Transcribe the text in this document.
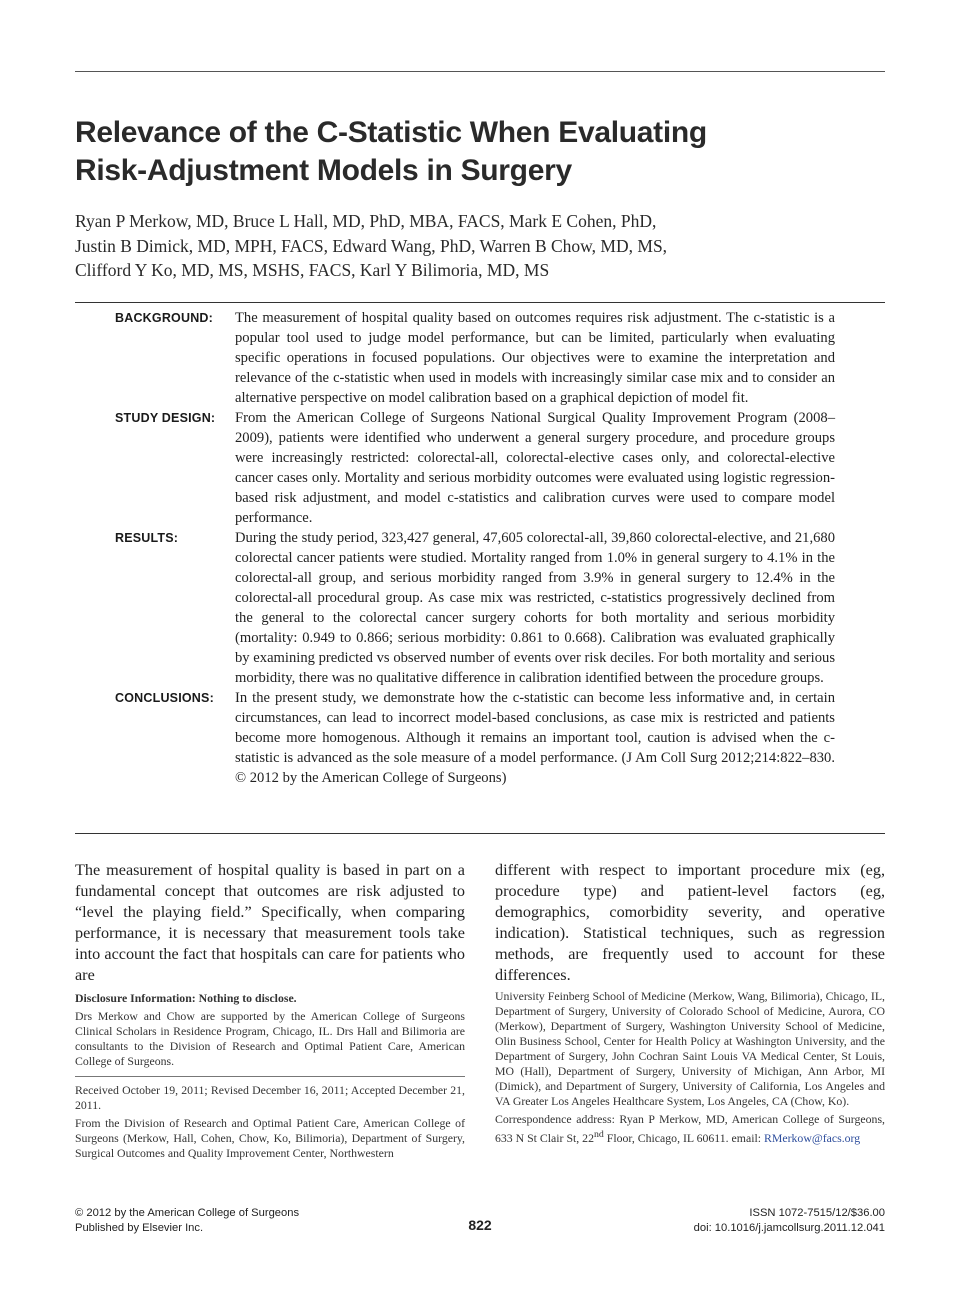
Relevance of the C-Statistic When Evaluating
Risk-Adjustment Models in Surgery
Ryan P Merkow, MD, Bruce L Hall, MD, PhD, MBA, FACS, Mark E Cohen, PhD,
Justin B Dimick, MD, MPH, FACS, Edward Wang, PhD, Warren B Chow, MD, MS,
Clifford Y Ko, MD, MS, MSHS, FACS, Karl Y Bilimoria, MD, MS
BACKGROUND: The measurement of hospital quality based on outcomes requires risk adjustment. The c-statistic is a popular tool used to judge model performance, but can be limited, particularly when evaluating specific operations in focused populations. Our objectives were to examine the interpretation and relevance of the c-statistic when used in models with increasingly similar case mix and to consider an alternative perspective on model calibration based on a graphical depiction of model fit.
STUDY DESIGN: From the American College of Surgeons National Surgical Quality Improvement Program (2008–2009), patients were identified who underwent a general surgery procedure, and procedure groups were increasingly restricted: colorectal-all, colorectal-elective cases only, and colorectal-elective cancer cases only. Mortality and serious morbidity outcomes were evaluated using logistic regression-based risk adjustment, and model c-statistics and calibration curves were used to compare model performance.
RESULTS:	During the study period, 323,427 general, 47,605 colorectal-all, 39,860 colorectal-elective, and 21,680 colorectal cancer patients were studied. Mortality ranged from 1.0% in general surgery to 4.1% in the colorectal-all group, and serious morbidity ranged from 3.9% in general surgery to 12.4% in the colorectal-all procedural group. As case mix was restricted, c-statistics progressively declined from the general to the colorectal cancer surgery cohorts for both mortality and serious morbidity (mortality: 0.949 to 0.866; serious morbidity: 0.861 to 0.668). Calibration was evaluated graphically by examining predicted vs observed number of events over risk deciles. For both mortality and serious morbidity, there was no qualitative difference in calibration identified between the procedure groups.
CONCLUSIONS: In the present study, we demonstrate how the c-statistic can become less informative and, in certain circumstances, can lead to incorrect model-based conclusions, as case mix is restricted and patients become more homogenous. Although it remains an important tool, caution is advised when the c-statistic is advanced as the sole measure of a model performance. (J Am Coll Surg 2012;214:822–830. © 2012 by the American College of Surgeons)

The measurement of hospital quality is based in part on a fundamental concept that outcomes are risk adjusted to “level the playing field.” Specifically, when comparing performance, it is necessary that measurement tools take into account the fact that hospitals can care for patients who are

different with respect to important procedure mix (eg, procedure type) and patient-level factors (eg, demographics, comorbidity severity, and operative indication). Statistical techniques, such as regression methods, are frequently used to account for these differences.

Disclosure Information: Nothing to disclose.

Drs Merkow and Chow are supported by the American College of Surgeons Clinical Scholars in Residence Program, Chicago, IL. Drs Hall and Bilimoria are consultants to the Division of Research and Optimal Patient Care, American College of Surgeons.

Received October 19, 2011; Revised December 16, 2011; Accepted December 21, 2011.

From the Division of Research and Optimal Patient Care, American College of Surgeons (Merkow, Hall, Cohen, Chow, Ko, Bilimoria), Department of Surgery, Surgical Outcomes and Quality Improvement Center, Northwestern

University Feinberg School of Medicine (Merkow, Wang, Bilimoria), Chicago, IL, Department of Surgery, University of Colorado School of Medicine, Aurora, CO (Merkow), Department of Surgery, Washington University School of Medicine, Olin Business School, Center for Health Policy at Washington University, and the Department of Surgery, John Cochran Saint Louis VA Medical Center, St Louis, MO (Hall), Department of Surgery, University of Michigan, Ann Arbor, MI (Dimick), and Department of Surgery, University of California, Los Angeles and VA Greater Los Angeles Healthcare System, Los Angeles, CA (Chow, Ko).

Correspondence address: Ryan P Merkow, MD, American College of Surgeons, 633 N St Clair St, 22nd Floor, Chicago, IL 60611. email: RMerkow@facs.org

© 2012 by the American College of Surgeons
Published by Elsevier Inc.	822
ISSN 1072-7515/12/$36.00
doi: 10.1016/j.jamcollsurg.2011.12.041
